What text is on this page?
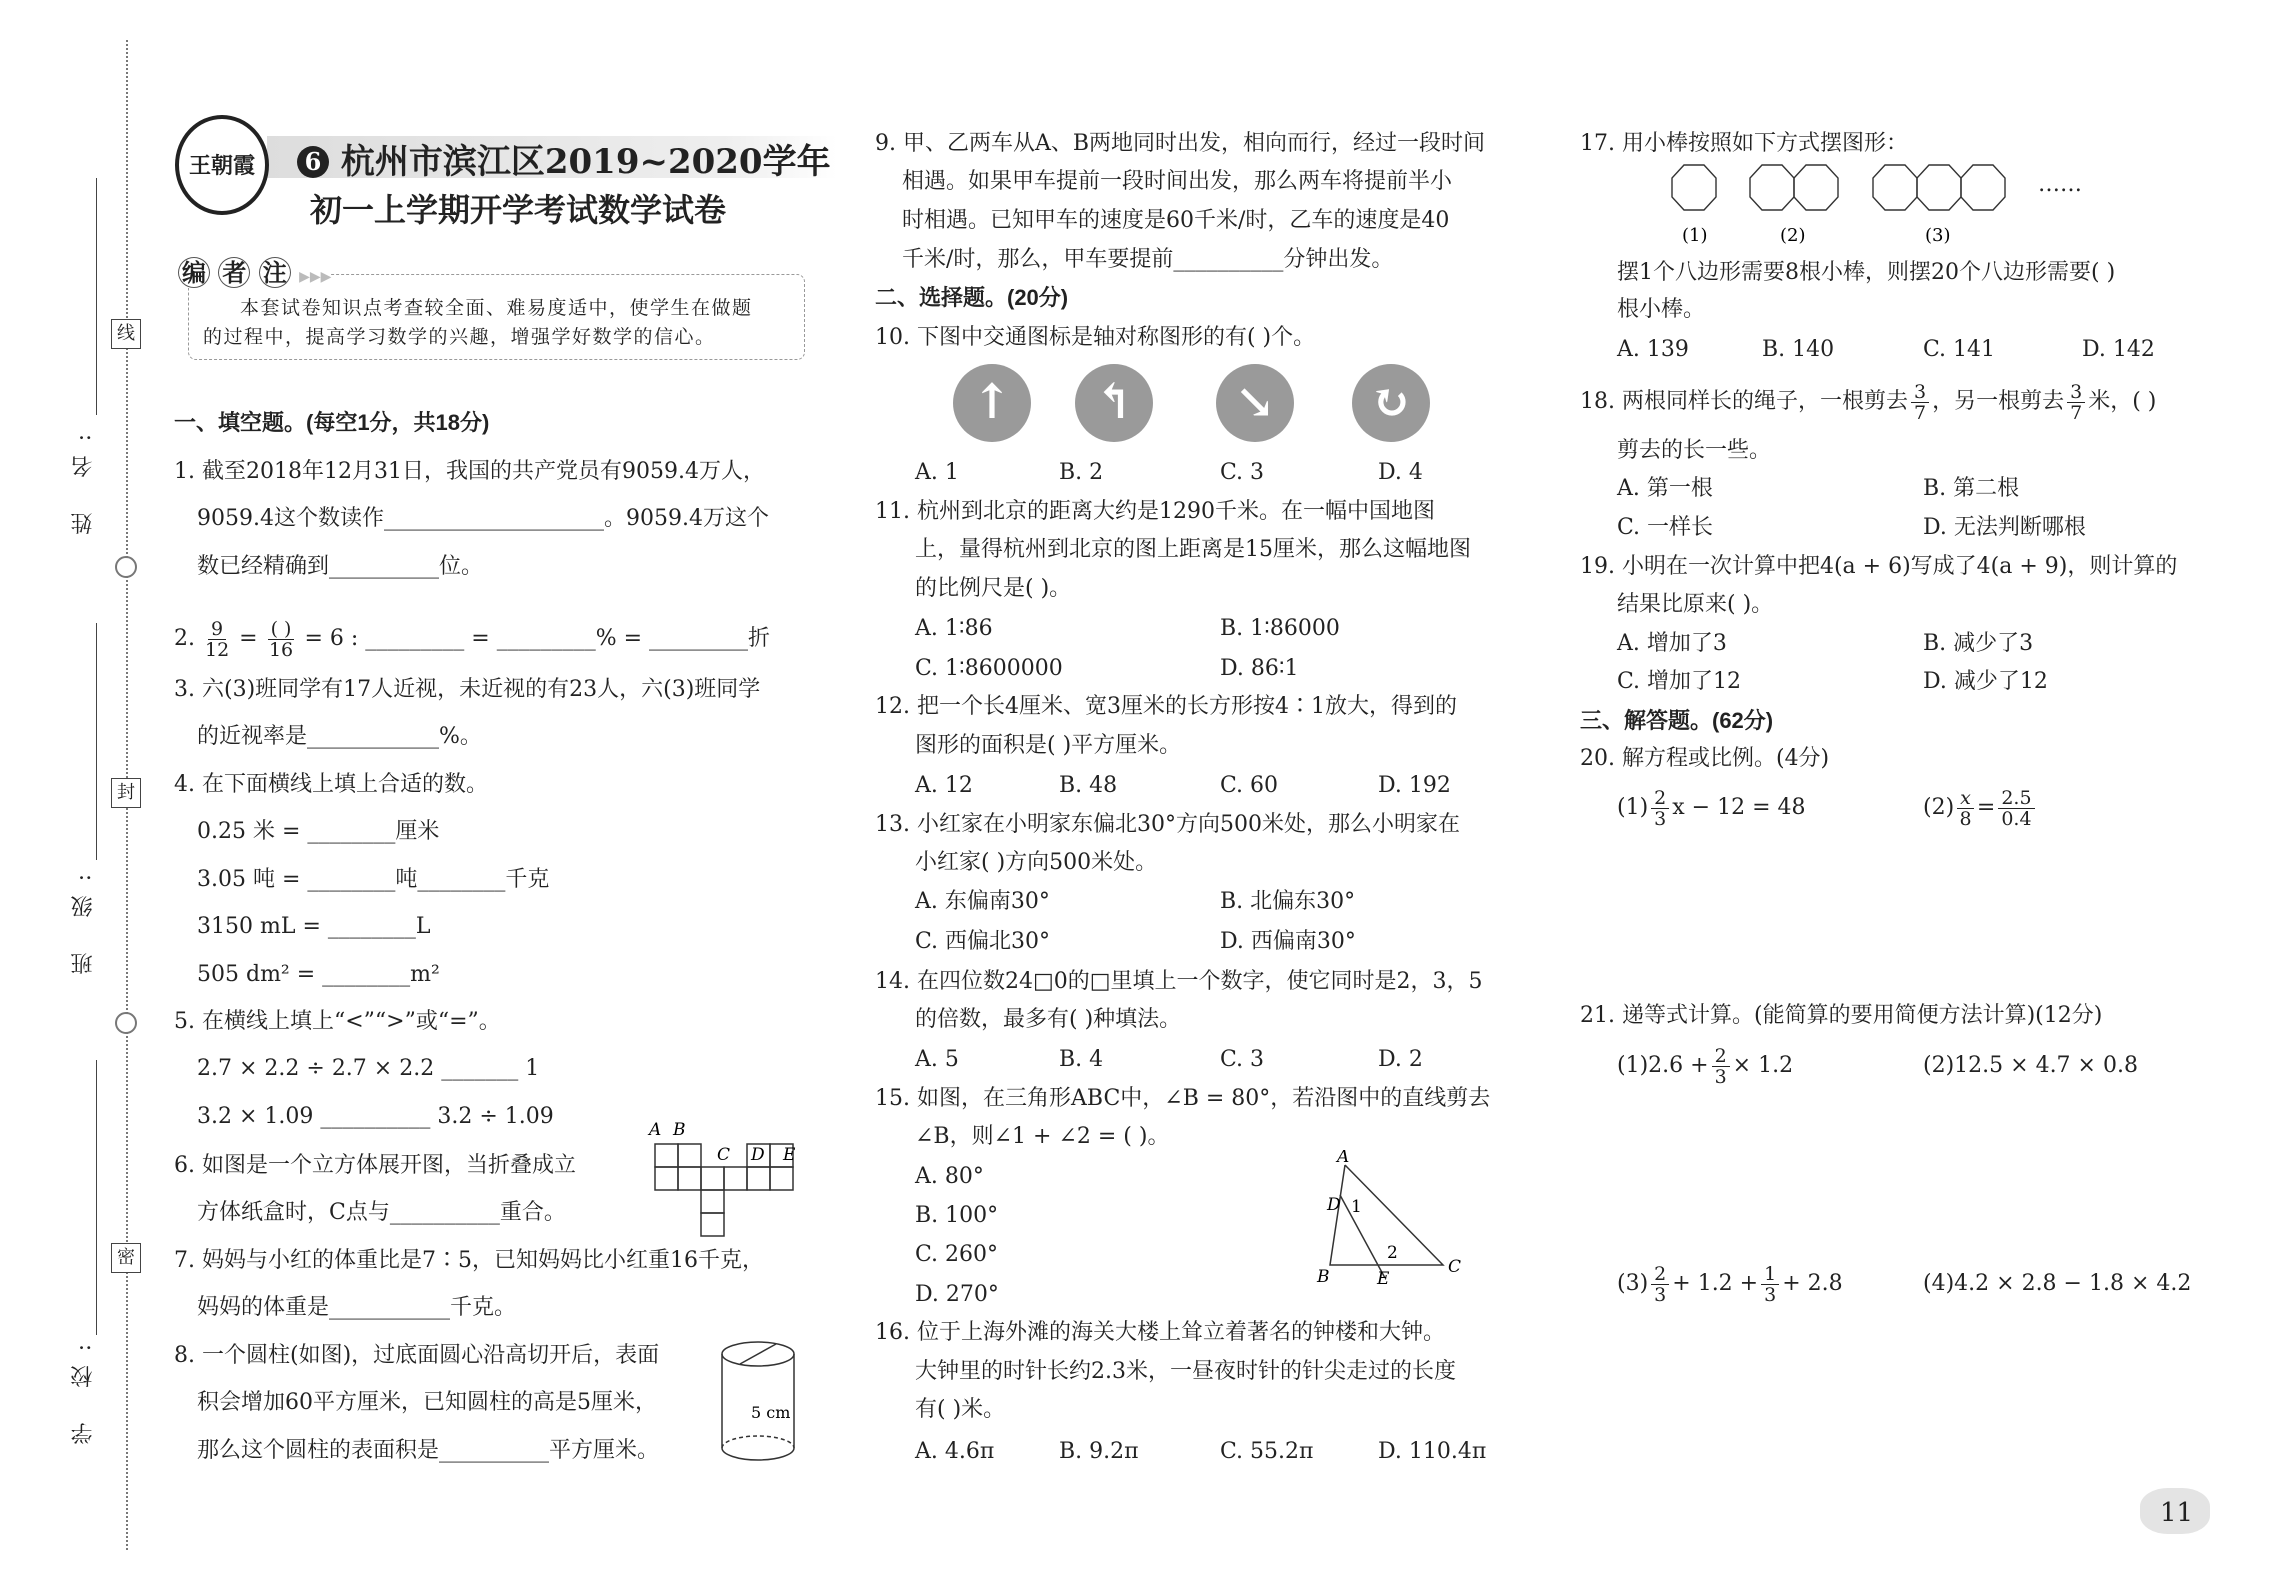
姓 名:
班 级:
学 校:
线
封
密
王朝霞	6 杭州市滨江区2019~2020学年
初一上学期开学考试数学试卷
编 者 注 ▶▶▶
本套试卷知识点考查较全面、难易度适中，使学生在做题
的过程中，提高学习数学的兴趣，增强学好数学的信心。
一、填空题。(每空1分，共18分)
1. 截至2018年12月31日，我国的共产党员有9059.4万人，
9059.4这个数读作____________________。9059.4万这个
数已经精确到__________位。
2. $\frac{9}{12} = \frac{( )}{16} = 6$ : _________ = _________% = _________折
3. 六(3)班同学有17人近视，未近视的有23人，六(3)班同学
的近视率是____________%。
4. 在下面横线上填上合适的数。
0.25 米 = ________厘米
3.05 吨 = ________吨________千克
3150 mL = ________L
505 dm² = ________m²
5. 在横线上填上“<”“>”或“=”。
2.7 × 2.2 ÷ 2.7 × 2.2 _______ 1
3.2 × 1.09 __________ 3.2 ÷ 1.09
6. 如图是一个立方体展开图，当折叠成立
方体纸盒时，C点与__________重合。
A B
C D E
7. 妈妈与小红的体重比是7∶5，已知妈妈比小红重16千克，
妈妈的体重是___________千克。
8. 一个圆柱(如图)，过底面圆心沿高切开后，表面
积会增加60平方厘米，已知圆柱的高是5厘米，
那么这个圆柱的表面积是__________平方厘米。
5 cm
9. 甲、乙两车从A、B两地同时出发，相向而行，经过一段时间
相遇。如果甲车提前一段时间出发，那么两车将提前半小
时相遇。已知甲车的速度是60千米/时，乙车的速度是40
千米/时，那么，甲车要提前__________分钟出发。
二、选择题。(20分)
10. 下图中交通图标是轴对称图形的有( )个。
↑	↰	↘	↻
A. 1	B. 2	C. 3	D. 4
11. 杭州到北京的距离大约是1290千米。在一幅中国地图
上，量得杭州到北京的图上距离是15厘米，那么这幅地图
的比例尺是( )。
A. 1∶86	B. 1∶86000
C. 1∶8600000	D. 86∶1
12. 把一个长4厘米、宽3厘米的长方形按4∶1放大，得到的
图形的面积是( )平方厘米。
A. 12	B. 48	C. 60	D. 192
13. 小红家在小明家东偏北30°方向500米处，那么小明家在
小红家( )方向500米处。
A. 东偏南30°	B. 北偏东30°
C. 西偏北30°	D. 西偏南30°
14. 在四位数24□0的□里填上一个数字，使它同时是2，3，5
的倍数，最多有( )种填法。
A. 5	B. 4	C. 3	D. 2
15. 如图，在三角形ABC中，∠B = 80°，若沿图中的直线剪去
∠B，则∠1 + ∠2 = ( )。
A. 80°
B. 100°
C. 260°
D. 270°
A
B	C
D
E
1
2
16. 位于上海外滩的海关大楼上耸立着著名的钟楼和大钟。
大钟里的时针长约2.3米，一昼夜时针的针尖走过的长度
有( )米。
A. 4.6π	B. 9.2π	C. 55.2π	D. 110.4π
17. 用小棒按照如下方式摆图形：
(1)	(2)	(3)
……
摆1个八边形需要8根小棒，则摆20个八边形需要( )
根小棒。
A. 139	B. 140	C. 141	D. 142
18. 两根同样长的绳子，一根剪去 $\frac{3}{7}$ ，另一根剪去 $\frac{3}{7}$ 米，( )
剪去的长一些。
A. 第一根	B. 第二根
C. 一样长	D. 无法判断哪根
19. 小明在一次计算中把4(a + 6)写成了4(a + 9)，则计算的
结果比原来( )。
A. 增加了3	B. 减少了3
C. 增加了12	D. 减少了12
三、解答题。(62分)
20. 解方程或比例。(4分)
$(1) \frac{2}{3}$ x − 12 = 48	$(2) \frac{x}{8} = \frac{2.5}{0.4}$
21. 递等式计算。(能简算的要用简便方法计算)(12分)
$(1)2.6 + \frac{2}{3} \times 1.2$	(2)12.5 × 4.7 × 0.8
$(3) \frac{2}{3} + 1.2 + \frac{1}{3} + 2.8$	(4)4.2 × 2.8 − 1.8 × 4.2
11
